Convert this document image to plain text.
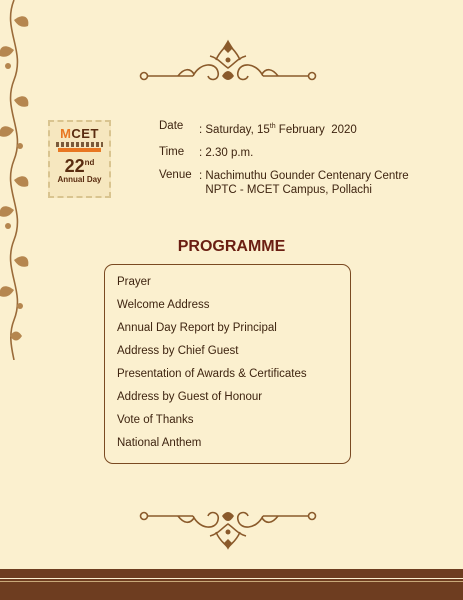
MCET
22nd
Annual Day
Date	: Saturday, 15th February  2020
Time	: 2.30 p.m.
Venue : Nachimuthu Gounder Centenary Centre
NPTC - MCET Campus, Pollachi
PROGRAMME
Prayer
Welcome Address
Annual Day Report by Principal
Address by Chief Guest
Presentation of Awards & Certificates
Address by Guest of Honour
Vote of Thanks
National Anthem
